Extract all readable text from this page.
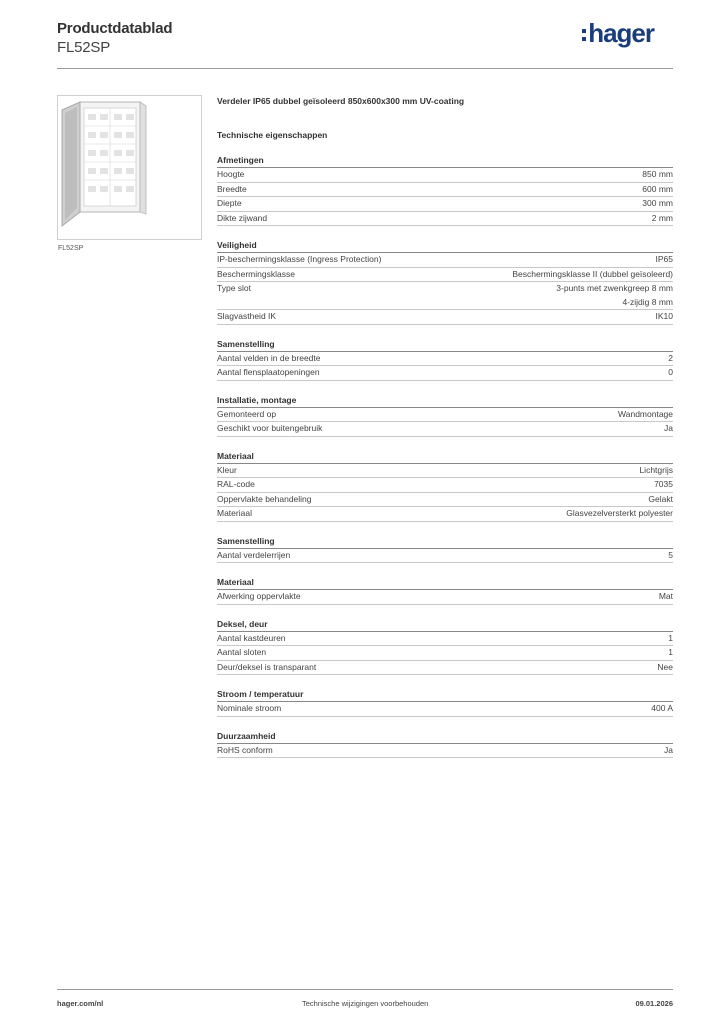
Productdatablad
FL52SP	hager
FL52SP
Verdeler IP65 dubbel geïsoleerd 850x600x300 mm UV-coating
Technische eigenschappen
Afmetingen
Hoogte	850 mm
Breedte	600 mm
Diepte	300 mm
Dikte zijwand	2 mm
Veiligheid
IP-beschermingsklasse (Ingress Protection)	IP65
Beschermingsklasse	Beschermingsklasse II (dubbel geïsoleerd)
Type slot	3-punts met zwenkgreep 8 mm
4-zijdig 8 mm
Slagvastheid IK	IK10
Samenstelling
Aantal velden in de breedte	2
Aantal flensplaatopeningen	0
Installatie, montage
Gemonteerd op	Wandmontage
Geschikt voor buitengebruik	Ja
Materiaal
Kleur	Lichtgrijs
RAL-code	7035
Oppervlakte behandeling	Gelakt
Materiaal	Glasvezelversterkt polyester
Samenstelling
Aantal verdelerrijen	5
Materiaal
Afwerking oppervlakte	Mat
Deksel, deur
Aantal kastdeuren	1
Aantal sloten	1
Deur/deksel is transparant	Nee
Stroom / temperatuur
Nominale stroom	400 A
Duurzaamheid
RoHS conform	Ja
hager.com/nl	Technische wijzigingen voorbehouden	09.01.2026
